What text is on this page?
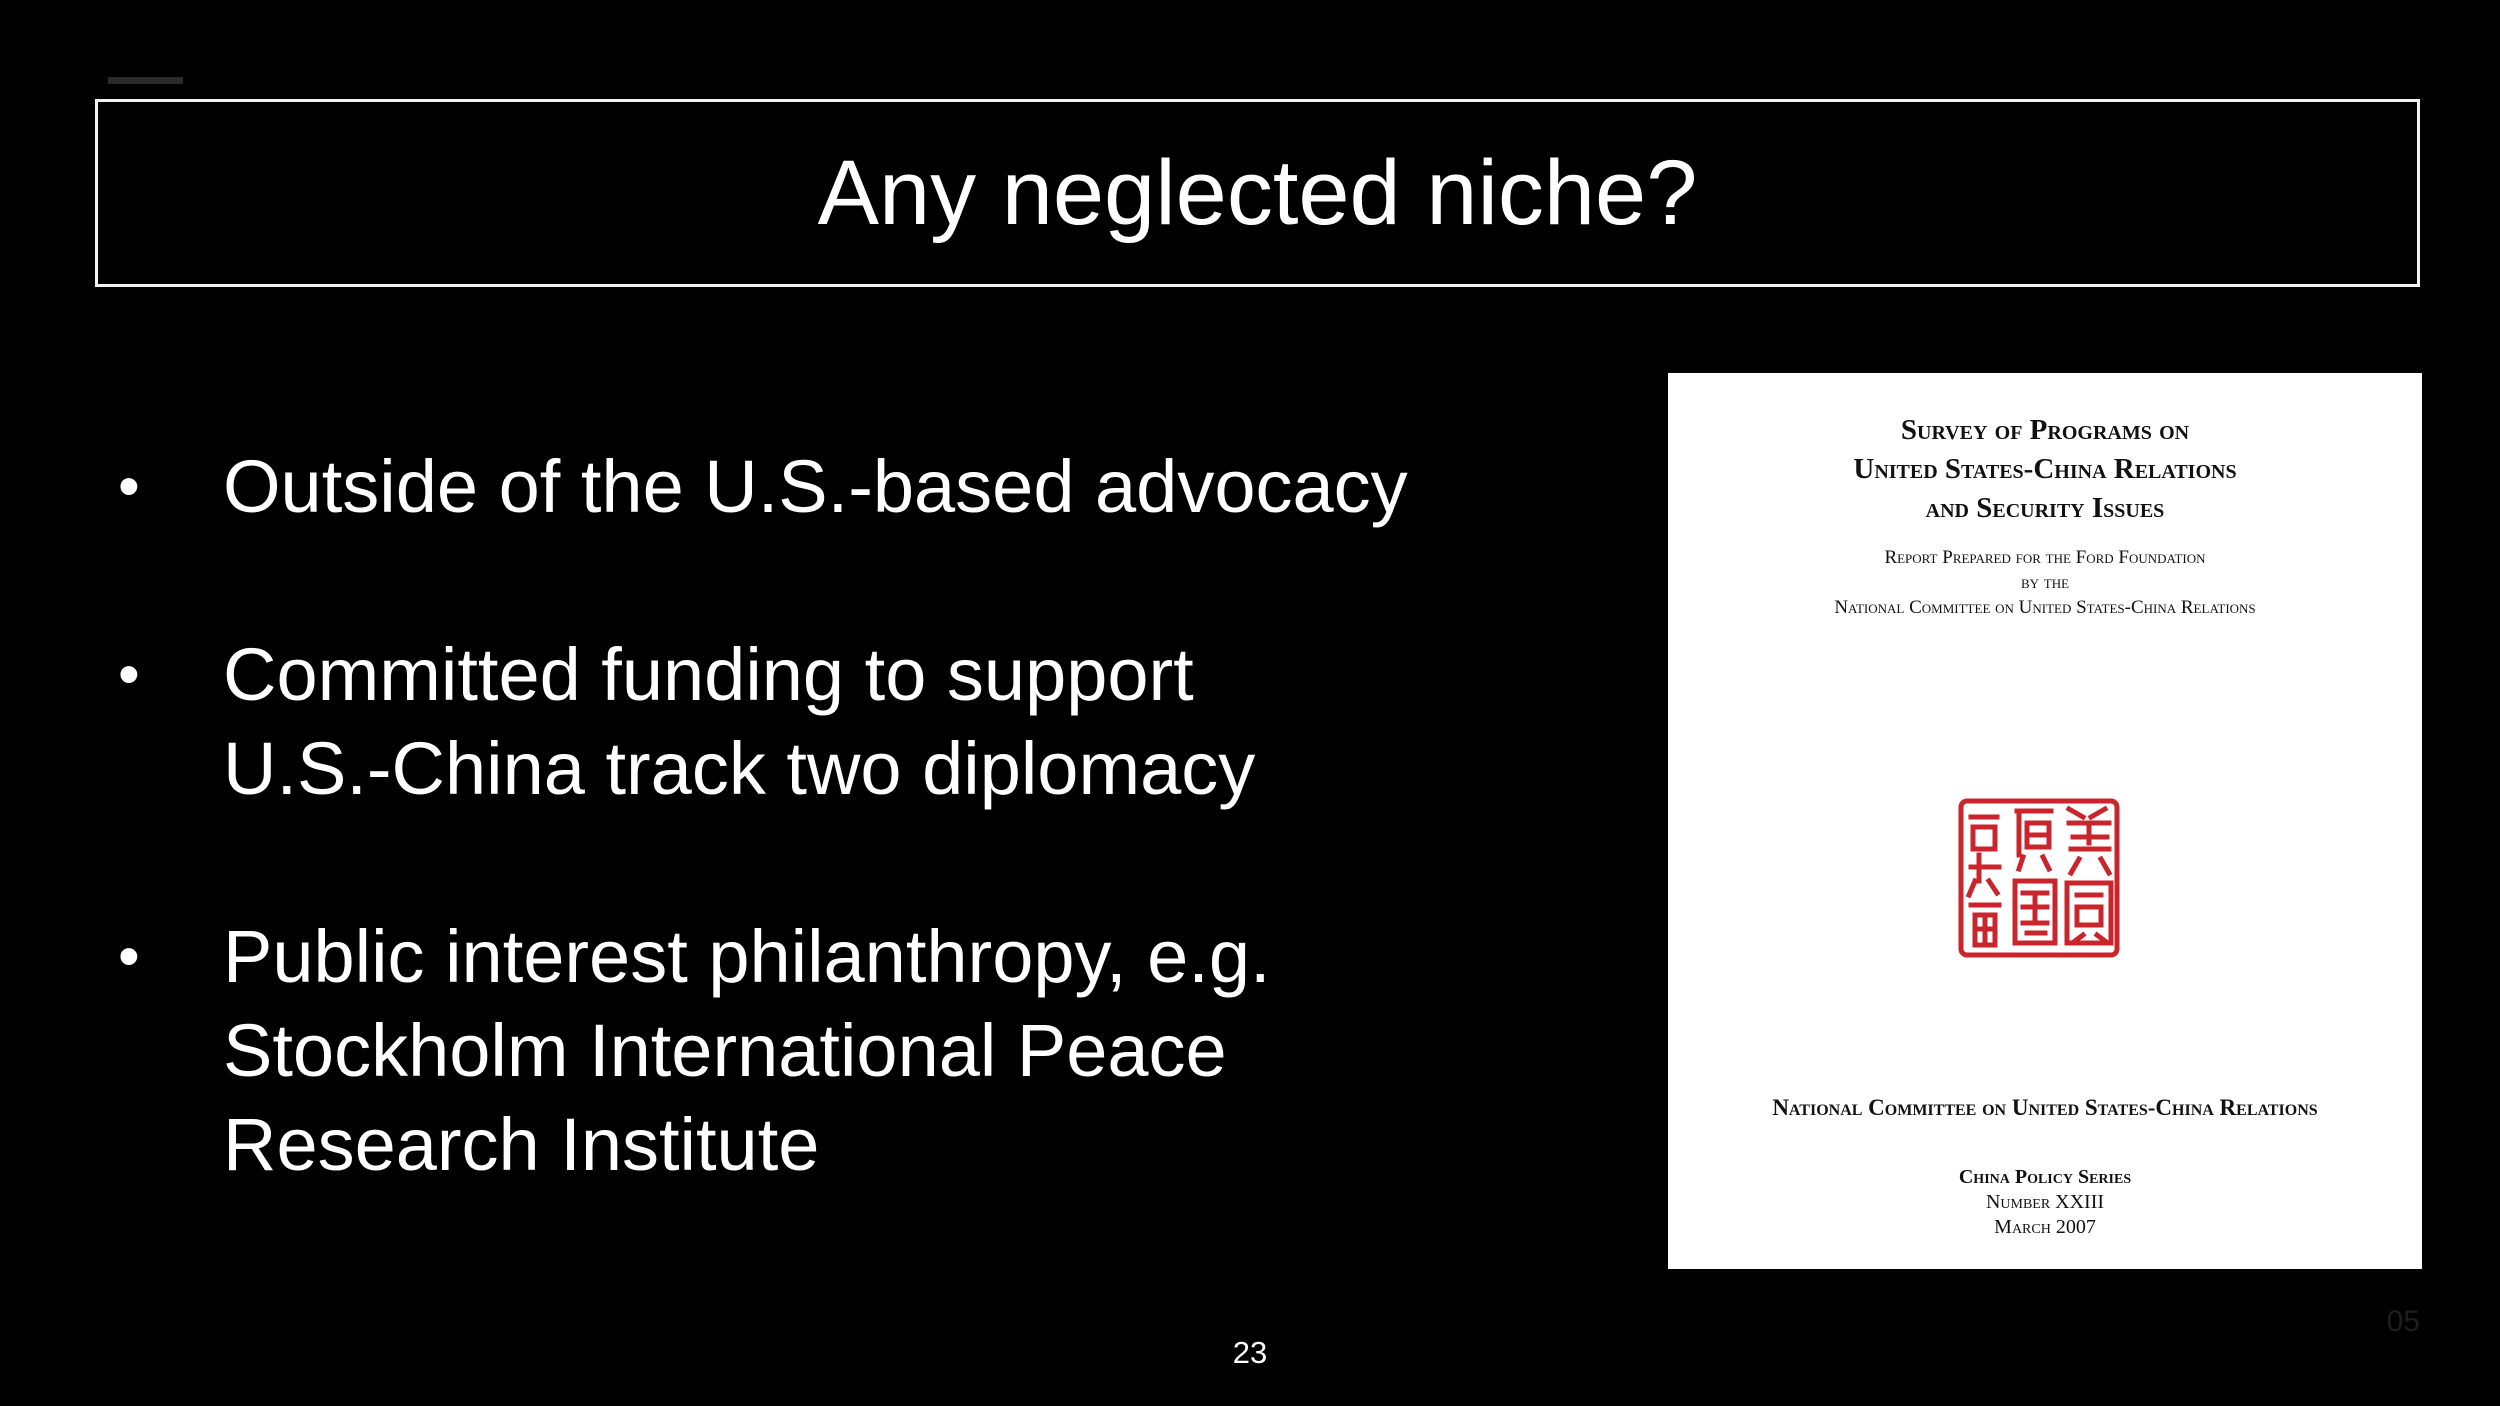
Any neglected niche?
• Outside of the U.S.-based advocacy
• Committed funding to support
U.S.-China track two diplomacy
• Public interest philanthropy, e.g.
Stockholm International Peace
Research Institute
Survey of Programs on
United States-China Relations
and Security Issues
Report Prepared for the Ford Foundation
by the
National Committee on United States-China Relations
National Committee on United States-China Relations
China Policy Series
Number XXIII
March 2007
23
05
